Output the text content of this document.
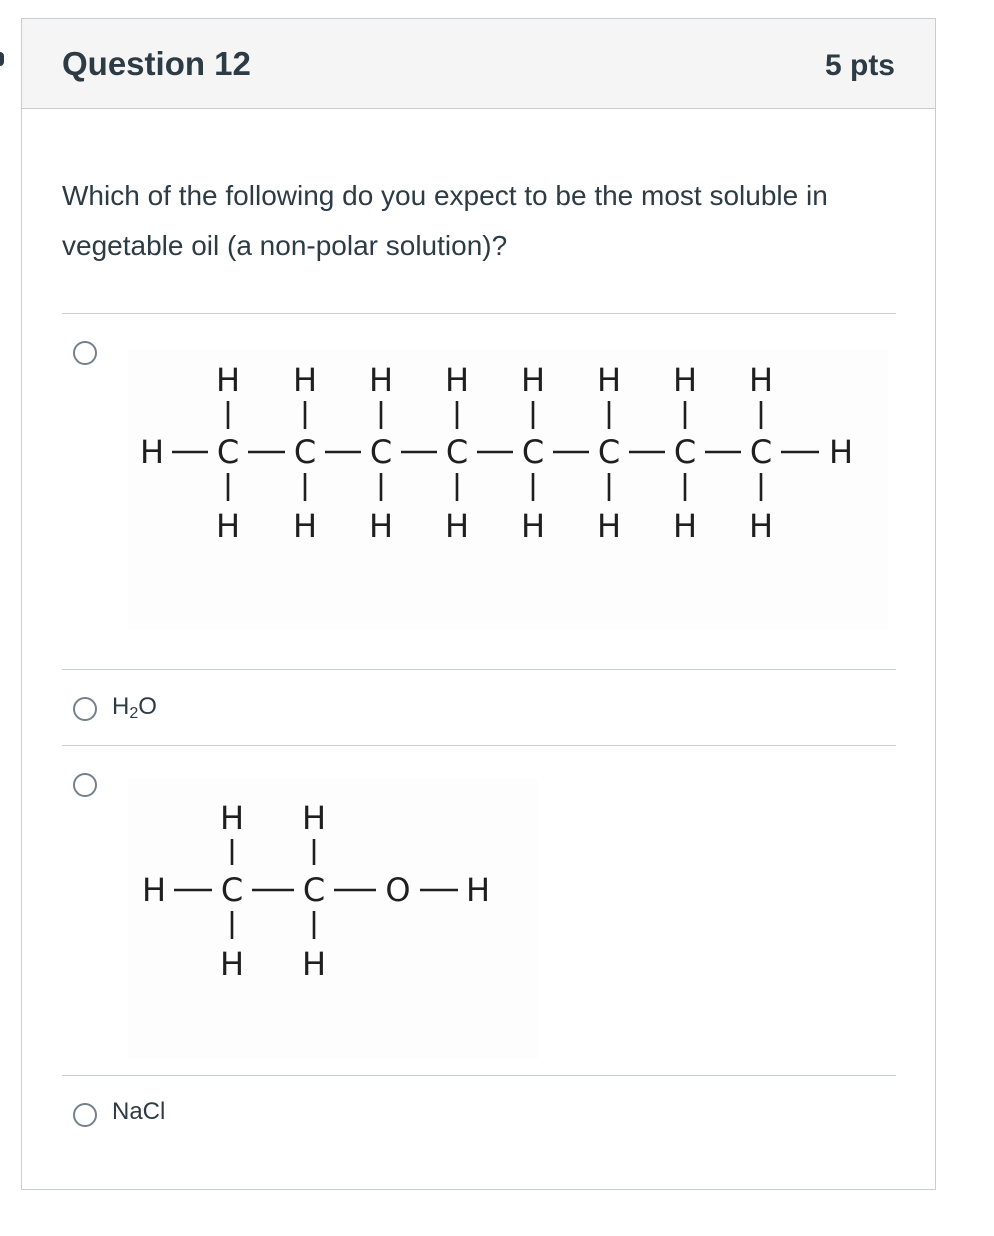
Question 12	5 pts
Which of the following do you expect to be the most soluble in vegetable oil (a non-polar solution)?
H H H H H H H H
H C C C C C C C C H
H H H H H H H H
$H_2O$
H H
H C C O H
H H
NaCl
